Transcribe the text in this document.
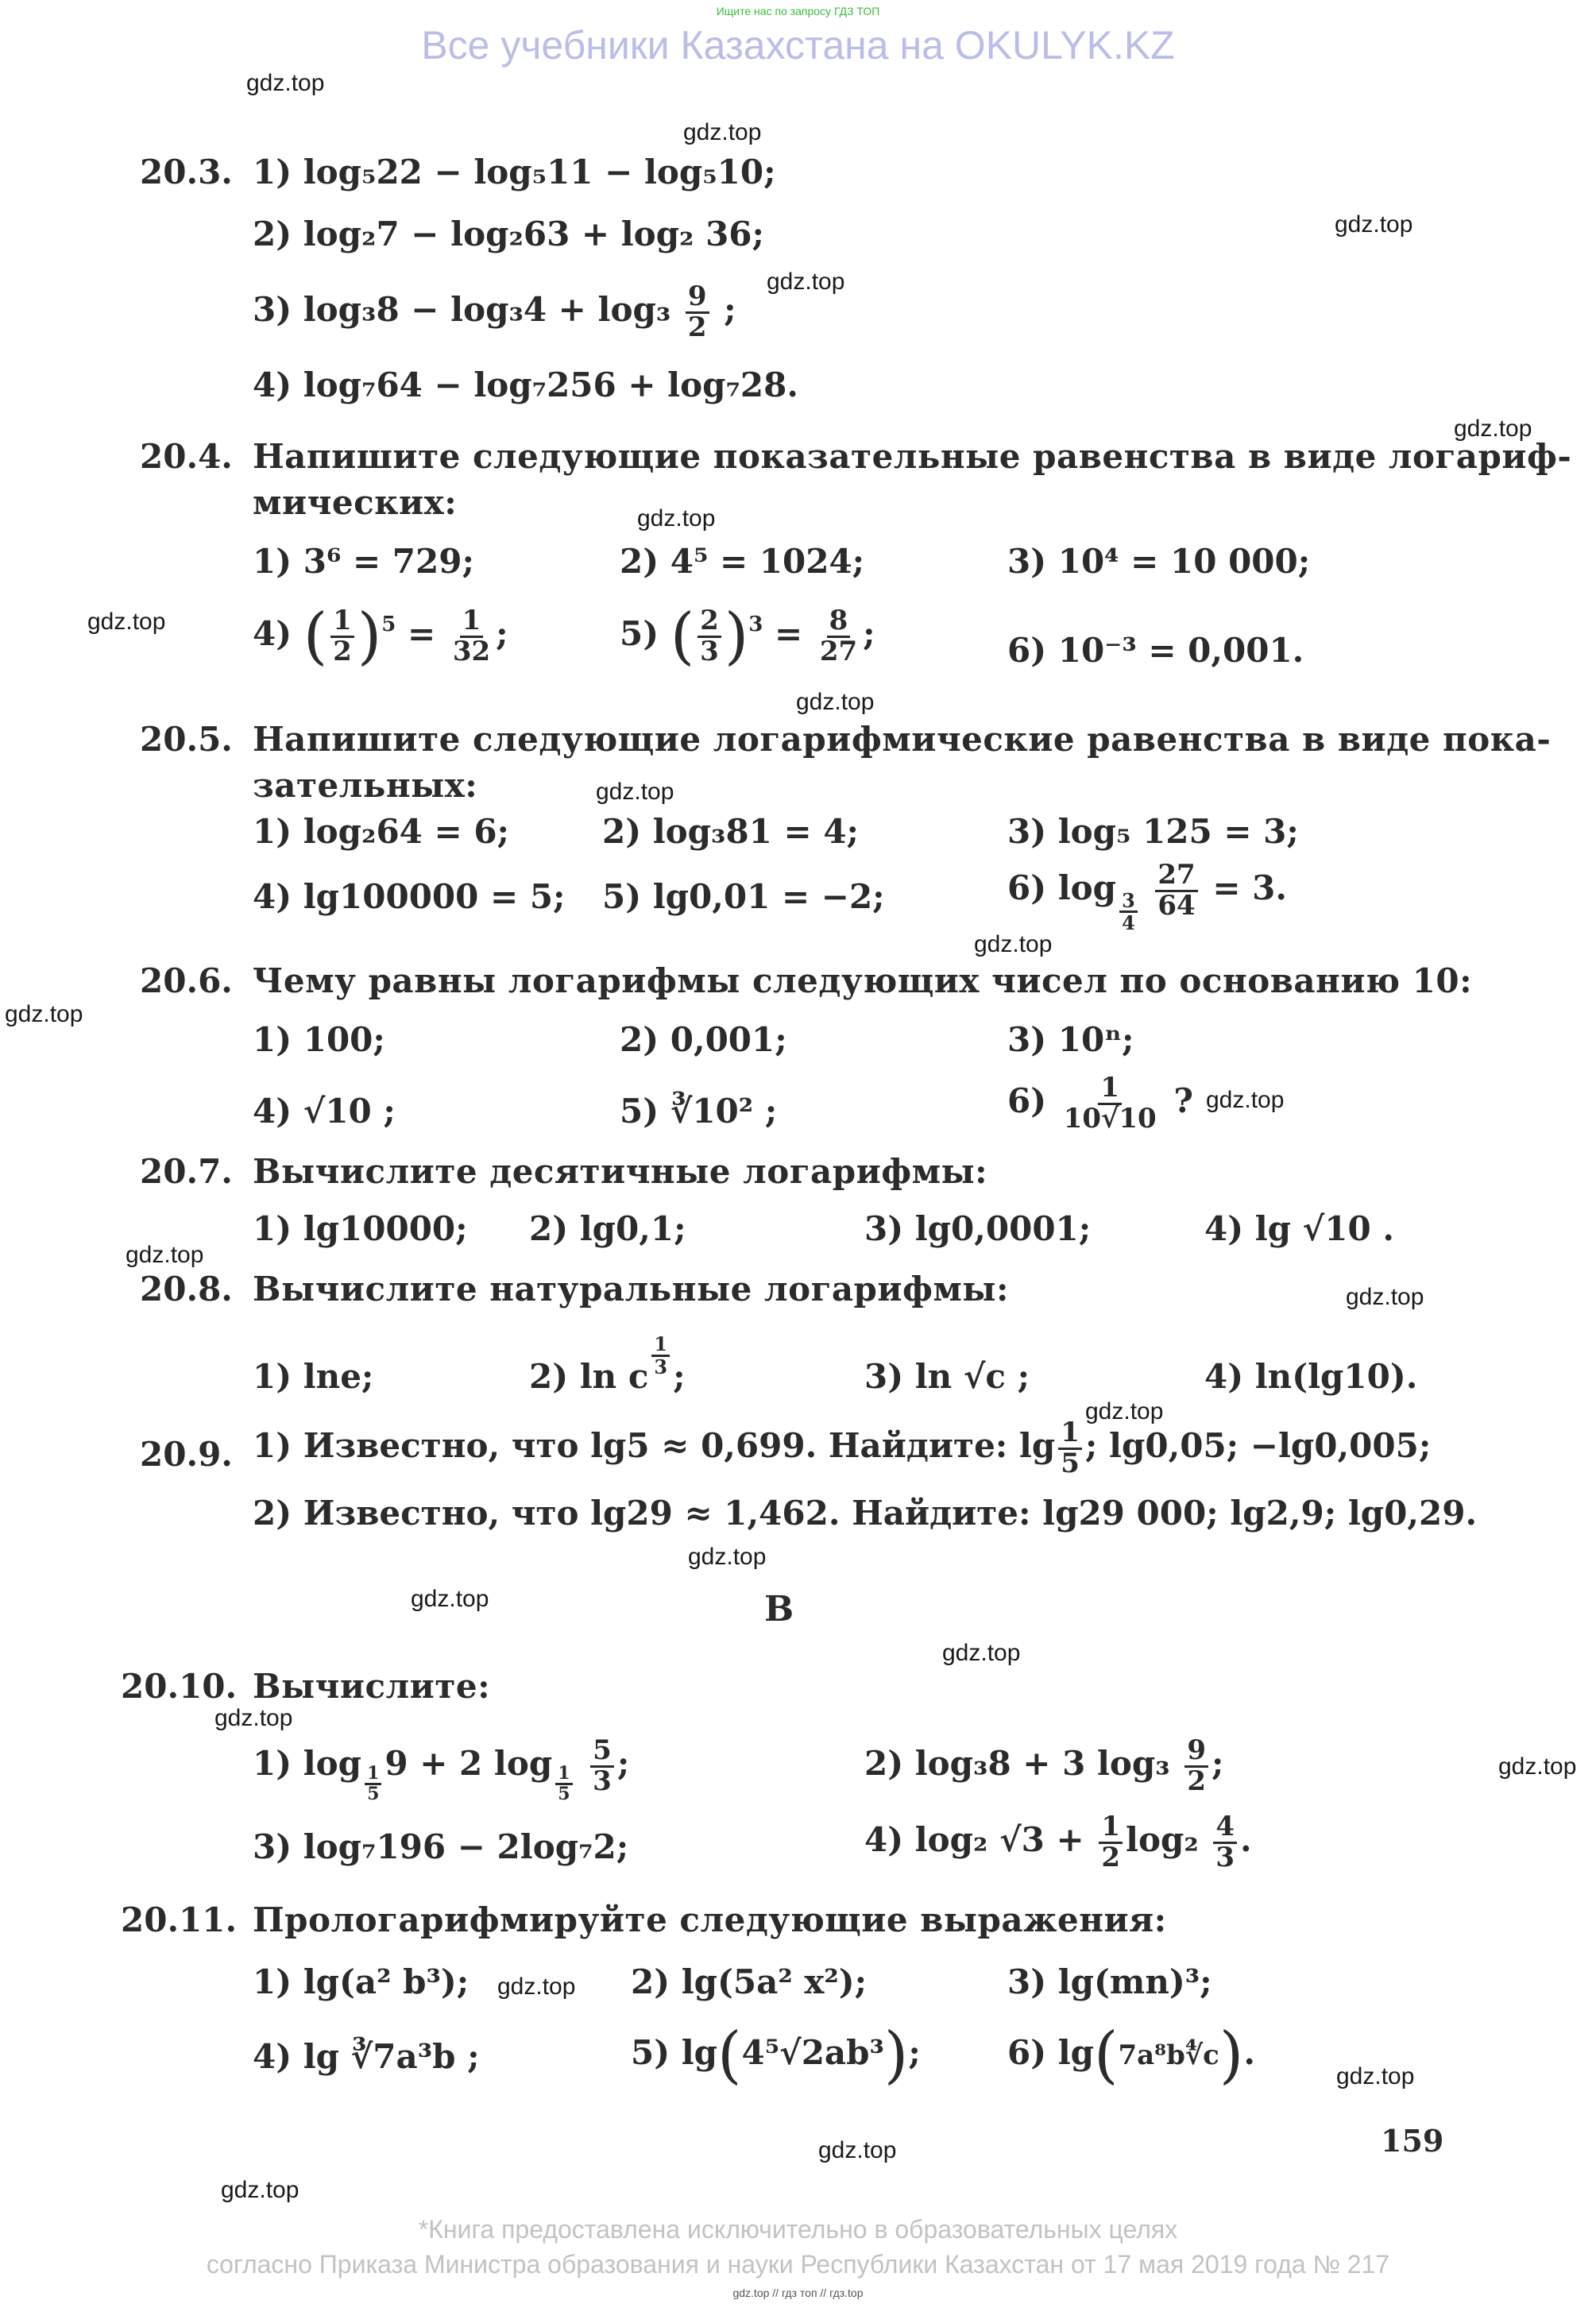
Ищите нас по запросу ГДЗ ТОП
Все учебники Казахстана на OKULYK.KZ
gdz.top
gdz.top
gdz.top
gdz.top
gdz.top
gdz.top
gdz.top
gdz.top
gdz.top
gdz.top
gdz.top
gdz.top
gdz.top
gdz.top
gdz.top
gdz.top
gdz.top
gdz.top
gdz.top
gdz.top
gdz.top
gdz.top
gdz.top
gdz.top
20.3. 1) log₅22 − log₅11 − log₅10;
2) log₂7 − log₂63 + log₂ 36;
3) $\log_38 - \log_34 + \log_3 \frac{9}{2}$ ;
4) log₇64 − log₇256 + log₇28.
20.4. Напишите следующие показательные равенства в виде логариф-
мических:
1) 3⁶ = 729;	2) 4⁵ = 1024;	3) 10⁴ = 10 000;
4) ( $\frac{1}{2} )^5 = \frac{1}{32}$ ;	5) ( $\frac{2}{3} )^3 = \frac{8}{27}$ ;	6) 10⁻³ = 0,001.
20.5. Напишите следующие логарифмические равенства в виде пока-
зательных:
1) log₂64 = 6;	2) log₃81 = 4;	3) log₅ 125 = 3;
4) lg100000 = 5; 5) lg0,01 = −2;	6) log
$\frac{3}{4}$
$\frac{27}{64} = 3$.
20.6. Чему равны логарифмы следующих чисел по основанию 10:
1) 100;	2) 0,001;	3) 10ⁿ;
4) √10 ;	5) ∛10² ;	$6) \frac{1}{10√10}$ ?
20.7. Вычислите десятичные логарифмы:
1) lg10000; 2) lg0,1;	3) lg0,0001;	4) lg √10 .
20.8. Вычислите натуральные логарифмы:
1) lne;	2) ln c $\frac{1}{3}$ ;	3) ln √c ;	4) ln(lg10).
20.9. 1) Известно, что lg5 ≈ 0,699. Найдите: $\lg \frac{1}{5}$ ; lg0,05; −lg0,005;
2) Известно, что lg29 ≈ 1,462. Найдите: lg29 000; lg2,9; lg0,29.
B
20.10. Вычислите:
1) log
$\frac{1}{5}$
9 + 2 log
$\frac{1}{5}$
$\frac{5}{3}$ ;	2) log₃8 + 3 $\log_3 \frac{9}{2}$ ;
3) log₇196 − 2log₇2;	4) log₂ $√3 + \frac{1}{2} \log_2 \frac{4}{3}$ .
20.11. Прологарифмируйте следующие выражения:
1) lg(a² b³);	2) lg(5a² x²);	3) lg(mn)³;
4) lg ∛7a³b ;	5) lg(4⁵√2ab³);	6) lg(7a⁸b∜c).
159
*Книга предоставлена исключительно в образовательных целях
согласно Приказа Министра образования и науки Республики Казахстан от 17 мая 2019 года № 217
gdz.top // гдз топ // гдз.top
